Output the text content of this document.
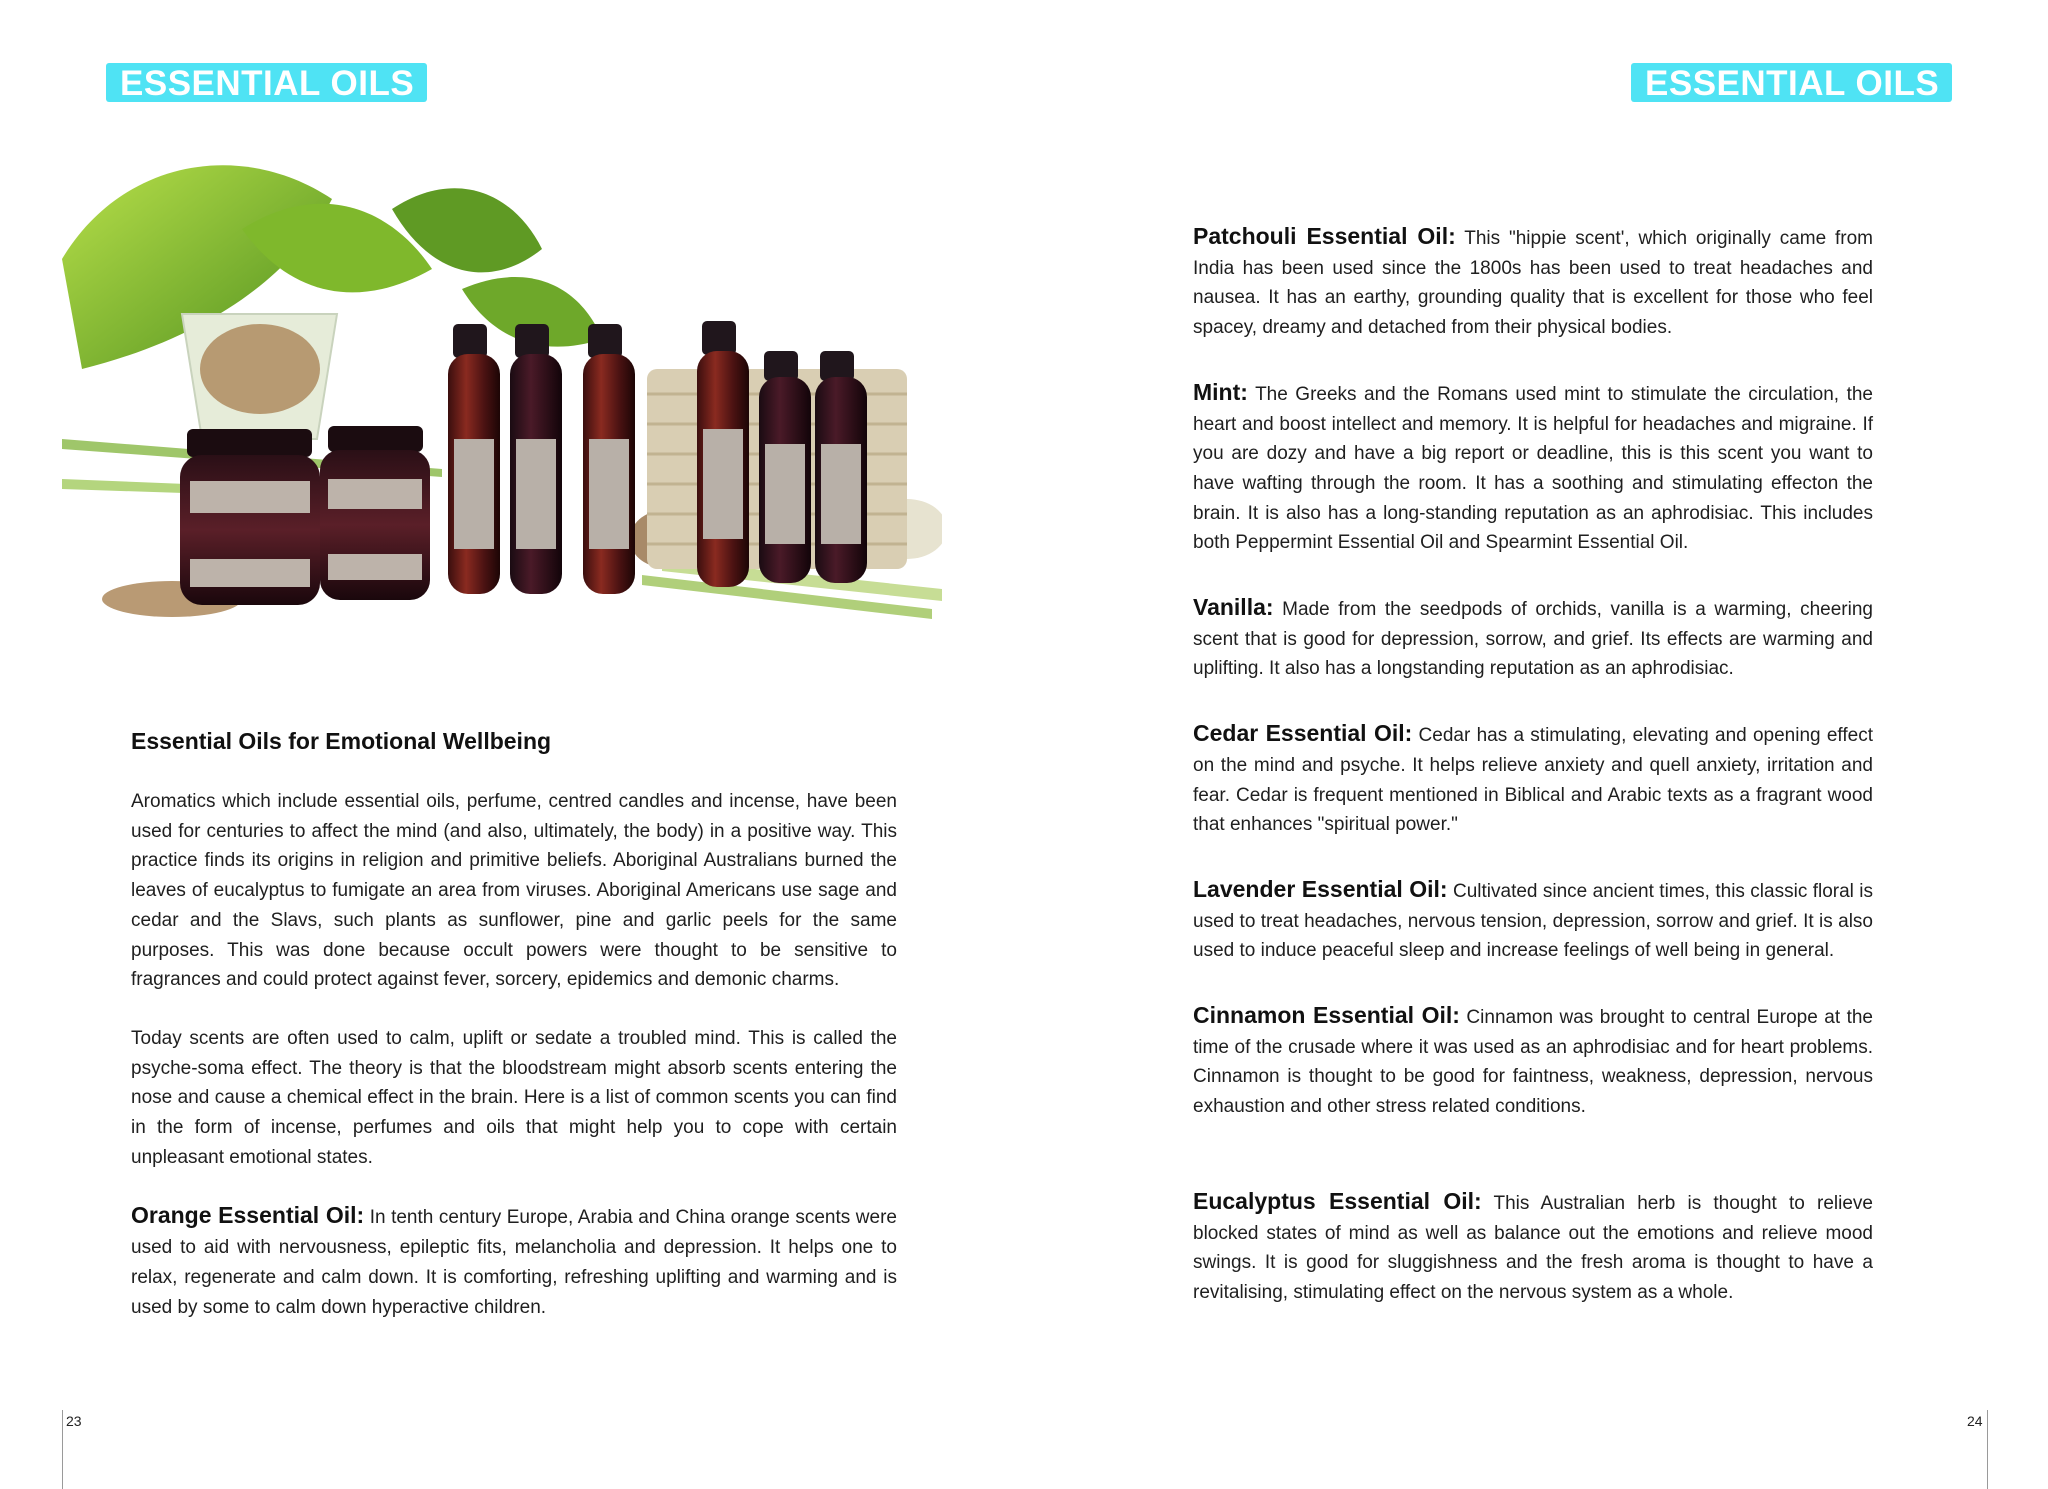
ESSENTIAL OILS	ESSENTIAL OILS

Essential Oils for Emotional Wellbeing

Aromatics which include essential oils, perfume, centred candles and incense, have been used for centuries to affect the mind (and also, ultimately, the body) in a positive way. This practice finds its origins in religion and primitive beliefs. Aboriginal Australians burned the leaves of eucalyptus to fumigate an area from viruses. Aboriginal Americans use sage and cedar and the Slavs, such plants as sunflower, pine and garlic peels for the same purposes. This was done because occult powers were thought to be sensitive to fragrances and could protect against fever, sorcery, epidemics and demonic charms.

Today scents are often used to calm, uplift or sedate a troubled mind. This is called the psyche-soma effect. The theory is that the bloodstream might absorb scents entering the nose and cause a chemical effect in the brain. Here is a list of common scents you can find in the form of incense, perfumes and oils that might help you to cope with certain unpleasant emotional states.

Orange Essential Oil: In tenth century Europe, Arabia and China orange scents were used to aid with nervousness, epileptic fits, melancholia and depression. It helps one to relax, regenerate and calm down. It is comforting, refreshing uplifting and warming and is used by some to calm down hyperactive children.

Patchouli Essential Oil: This "hippie scent', which originally came from India has been used since the 1800s has been used to treat headaches and nausea. It has an earthy, grounding quality that is excellent for those who feel spacey, dreamy and detached from their physical bodies.

Mint: The Greeks and the Romans used mint to stimulate the circulation, the heart and boost intellect and memory. It is helpful for headaches and migraine. If you are dozy and have a big report or deadline, this is this scent you want to have wafting through the room. It has a soothing and stimulating effecton the brain. It is also has a long-standing reputation as an aphrodisiac. This includes both Peppermint Essential Oil and Spearmint Essential Oil.

Vanilla: Made from the seedpods of orchids, vanilla is a warming, cheering scent that is good for depression, sorrow, and grief. Its effects are warming and uplifting. It also has a longstanding reputation as an aphrodisiac.

Cedar Essential Oil: Cedar has a stimulating, elevating and opening effect on the mind and psyche. It helps relieve anxiety and quell anxiety, irritation and fear. Cedar is frequent mentioned in Biblical and Arabic texts as a fragrant wood that enhances "spiritual power."

Lavender Essential Oil: Cultivated since ancient times, this classic floral is used to treat headaches, nervous tension, depression, sorrow and grief. It is also used to induce peaceful sleep and increase feelings of well being in general.

Cinnamon Essential Oil: Cinnamon was brought to central Europe at the time of the crusade where it was used as an aphrodisiac and for heart problems. Cinnamon is thought to be good for faintness, weakness, depression, nervous exhaustion and other stress related conditions.

Eucalyptus Essential Oil: This Australian herb is thought to relieve blocked states of mind as well as balance out the emotions and relieve mood swings. It is good for sluggishness and the fresh aroma is thought to have a revitalising, stimulating effect on the nervous system as a whole.

23	24
